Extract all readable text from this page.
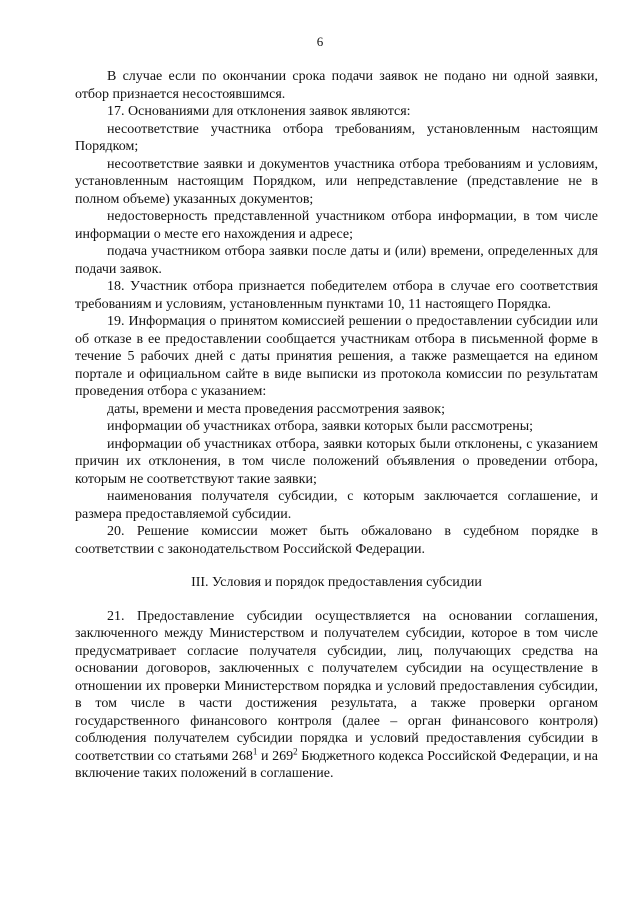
6

В случае если по окончании срока подачи заявок не подано ни одной заявки, отбор признается несостоявшимся.

17. Основаниями для отклонения заявок являются:

несоответствие участника отбора требованиям, установленным настоящим Порядком;

несоответствие заявки и документов участника отбора требованиям и условиям, установленным настоящим Порядком, или непредставление (представление не в полном объеме) указанных документов;

недостоверность представленной участником отбора информации, в том числе информации о месте его нахождения и адресе;

подача участником отбора заявки после даты и (или) времени, определенных для подачи заявок.

18. Участник отбора признается победителем отбора в случае его соответствия требованиям и условиям, установленным пунктами 10, 11 настоящего Порядка.

19. Информация о принятом комиссией решении о предоставлении субсидии или об отказе в ее предоставлении сообщается участникам отбора в письменной форме в течение 5 рабочих дней с даты принятия решения, а также размещается на едином портале и официальном сайте в виде выписки из протокола комиссии по результатам проведения отбора с указанием:

даты, времени и места проведения рассмотрения заявок;

информации об участниках отбора, заявки которых были рассмотрены;

информации об участниках отбора, заявки которых были отклонены, с указанием причин их отклонения, в том числе положений объявления о проведении отбора, которым не соответствуют такие заявки;

наименования получателя субсидии, с которым заключается соглашение, и размера предоставляемой субсидии.

20. Решение комиссии может быть обжаловано в судебном порядке в соответствии с законодательством Российской Федерации.

III. Условия и порядок предоставления субсидии

21. Предоставление субсидии осуществляется на основании соглашения, заключенного между Министерством и получателем субсидии, которое в том числе предусматривает согласие получателя субсидии, лиц, получающих средства на основании договоров, заключенных с получателем субсидии на осуществление в отношении их проверки Министерством порядка и условий предоставления субсидии, в том числе в части достижения результата, а также проверки органом государственного финансового контроля (далее – орган финансового контроля) соблюдения получателем субсидии порядка и условий предоставления субсидии в соответствии со статьями $268^1$ и $269^2$ Бюджетного кодекса Российской Федерации, и на включение таких положений в соглашение.
